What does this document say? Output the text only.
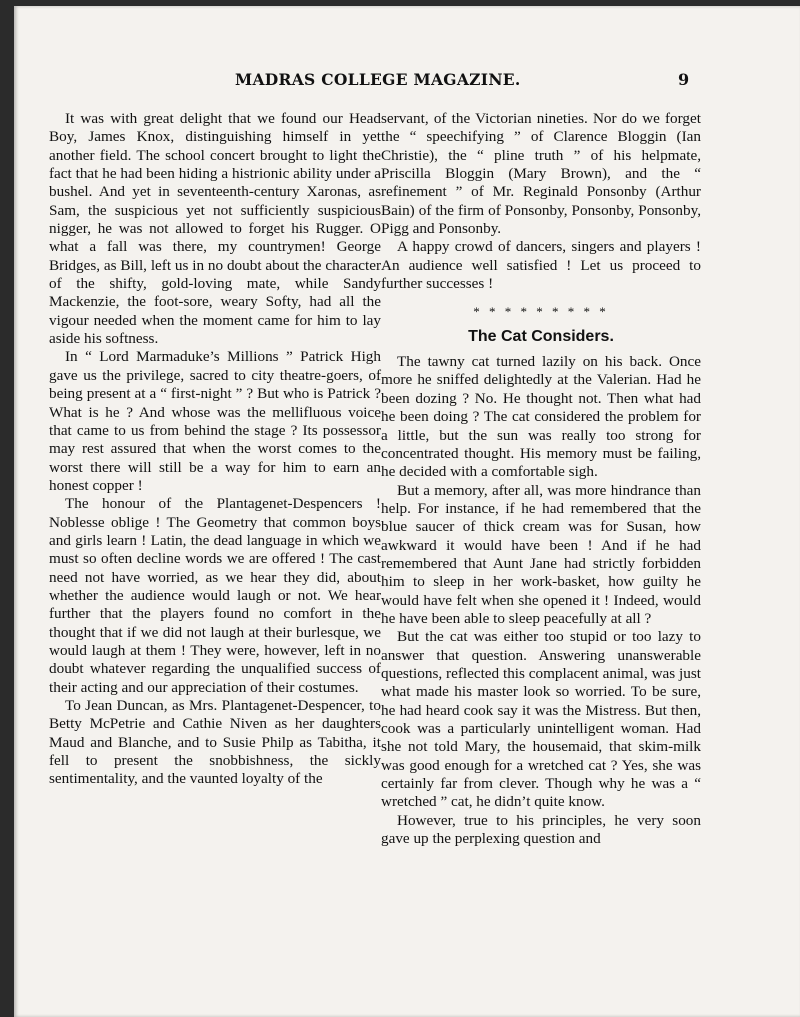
MADRAS COLLEGE MAGAZINE.	9

It was with great delight that we found our Head Boy, James Knox, distinguishing himself in yet another field. The school concert brought to light the fact that he had been hiding a histrionic ability under a bushel. And yet in seventeenth-century Xaronas, as Sam, the suspicious yet not sufficiently suspicious nigger, he was not allowed to forget his Rugger. O what a fall was there, my countrymen! George Bridges, as Bill, left us in no doubt about the character of the shifty, gold-loving mate, while Sandy Mackenzie, the foot-sore, weary Softy, had all the vigour needed when the moment came for him to lay aside his softness.

In “ Lord Marmaduke’s Millions ” Patrick High gave us the privilege, sacred to city theatre-goers, of being present at a “ first-night ” ? But who is Patrick ? What is he ? And whose was the mellifluous voice that came to us from behind the stage ? Its possessor may rest assured that when the worst comes to the worst there will still be a way for him to earn an honest copper !

The honour of the Plantagenet-Despencers ! Noblesse oblige ! The Geometry that common boys and girls learn ! Latin, the dead language in which we must so often decline words we are offered ! The cast need not have worried, as we hear they did, about whether the audience would laugh or not. We hear further that the players found no comfort in the thought that if we did not laugh at their burlesque, we would laugh at them ! They were, however, left in no doubt whatever regarding the unqualified success of their acting and our appreciation of their costumes.

To Jean Duncan, as Mrs. Plantagenet-Despencer, to Betty McPetrie and Cathie Niven as her daughters Maud and Blanche, and to Susie Philp as Tabitha, it fell to present the snobbishness, the sickly sentimentality, and the vaunted loyalty of the

servant, of the Victorian nineties. Nor do we forget the “ speechifying ” of Clarence Bloggin (Ian Christie), the “ pline truth ” of his helpmate, Priscilla Bloggin (Mary Brown), and the “ refinement ” of Mr. Reginald Ponsonby (Arthur Bain) of the firm of Ponsonby, Ponsonby, Ponsonby, Pigg and Ponsonby.

A happy crowd of dancers, singers and players ! An audience well satisfied ! Let us proceed to further successes !

* * * * * * * * *
The Cat Considers.

The tawny cat turned lazily on his back. Once more he sniffed delightedly at the Valerian. Had he been dozing ? No. He thought not. Then what had he been doing ? The cat considered the problem for a little, but the sun was really too strong for concentrated thought. His memory must be failing, he decided with a comfortable sigh.

But a memory, after all, was more hindrance than help. For instance, if he had remembered that the blue saucer of thick cream was for Susan, how awkward it would have been ! And if he had remembered that Aunt Jane had strictly forbidden him to sleep in her work-basket, how guilty he would have felt when she opened it ! Indeed, would he have been able to sleep peacefully at all ?

But the cat was either too stupid or too lazy to answer that question. Answering unanswerable questions, reflected this complacent animal, was just what made his master look so worried. To be sure, he had heard cook say it was the Mistress. But then, cook was a particularly unintelligent woman. Had she not told Mary, the housemaid, that skim-milk was good enough for a wretched cat ? Yes, she was certainly far from clever. Though why he was a “ wretched ” cat, he didn’t quite know.

However, true to his principles, he very soon gave up the perplexing question and
